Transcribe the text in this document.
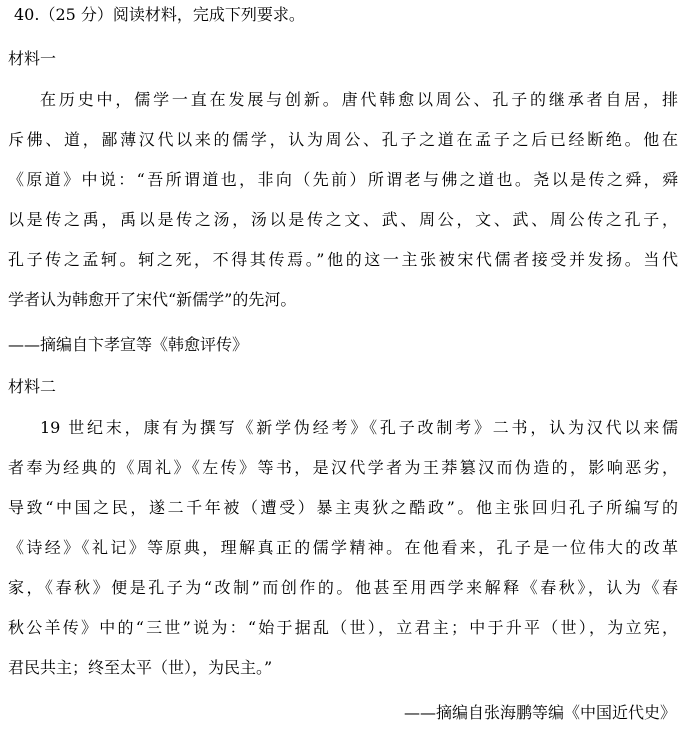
40.（25 分）阅读材料，完成下列要求。
材料一
在历史中，儒学一直在发展与创新。唐代韩愈以周公、孔子的继承者自居，排
斥佛、道，鄙薄汉代以来的儒学，认为周公、孔子之道在孟子之后已经断绝。他在
《原道》中说：“吾所谓道也，非向（先前）所谓老与佛之道也。尧以是传之舜，舜
以是传之禹，禹以是传之汤，汤以是传之文、武、周公，文、武、周公传之孔子，
孔子传之孟轲。轲之死，不得其传焉。”他的这一主张被宋代儒者接受并发扬。当代
学者认为韩愈开了宋代“新儒学”的先河。
——摘编自卞孝宣等《韩愈评传》
材料二
19 世纪末，康有为撰写《新学伪经考》《孔子改制考》二书，认为汉代以来儒
者奉为经典的《周礼》《左传》等书，是汉代学者为王莽篡汉而伪造的，影响恶劣，
导致“中国之民，遂二千年被（遭受）暴主夷狄之酷政”。他主张回归孔子所编写的
《诗经》《礼记》等原典，理解真正的儒学精神。在他看来，孔子是一位伟大的改革
家，《春秋》便是孔子为“改制”而创作的。他甚至用西学来解释《春秋》，认为《春
秋公羊传》中的“三世”说为：“始于据乱（世），立君主；中于升平（世），为立宪，
君民共主；终至太平（世），为民主。”
——摘编自张海鹏等编《中国近代史》
